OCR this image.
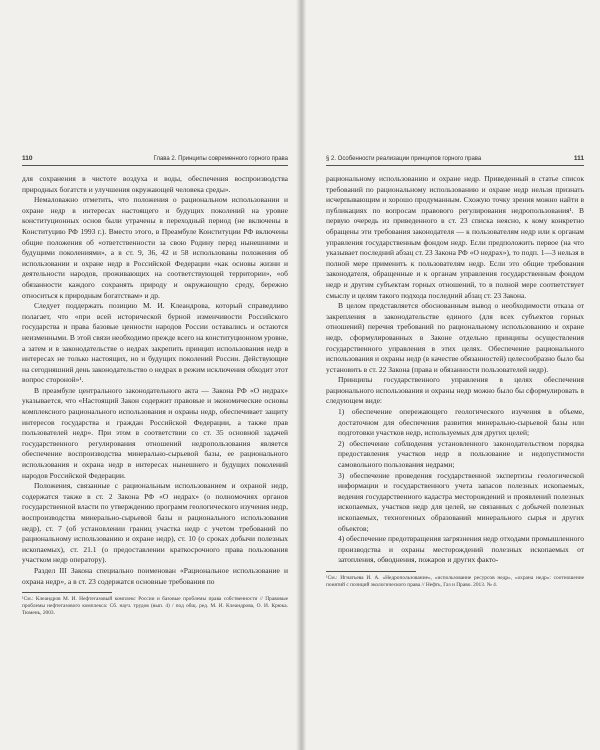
110	Глава 2. Принципы современного горного права

для сохранения в чистоте воздуха и воды, обеспечения воспроизводства природных богатств и улучшения окружающей человека среды».

Немаловажно отметить, что положения о рациональном использовании и охране недр в интересах настоящего и будущих поколений на уровне конституционных основ были утрачены в переходный период (не включены в Конституцию РФ 1993 г.). Вместо этого, в Преамбуле Конституции РФ включены общие положения об «ответственности за свою Родину перед нынешними и будущими поколениями», а в ст. 9, 36, 42 и 58 использованы положения об использовании и охране недр в Российской Федерации «как основы жизни и деятельности народов, проживающих на соответствующей территории», «об обязанности каждого сохранять природу и окружающую среду, бережно относиться к природным богатствам» и др.

Следует поддержать позицию М. И. Клеандрова, который справедливо полагает, что «при всей исторической бурной изменчивости Российского государства и права базовые ценности народов России оставались и остаются неизменными. В этой связи необходимо прежде всего на конституционном уровне, а затем и в законодательстве о недрах закрепить принцип использования недр в интересах не только настоящих, но и будущих поколений России. Действующие на сегодняшний день законодательство о недрах в режим исключения обходит этот вопрос стороной»¹.

В преамбуле центрального законодательного акта — Закона РФ «О недрах» указывается, что «Настоящий Закон содержит правовые и экономические основы комплексного рационального использования и охраны недр, обеспечивает защиту интересов государства и граждан Российской Федерации, а также прав пользователей недр». При этом в соответствии со ст. 35 основной задачей государственного регулирования отношений недропользования является обеспечение воспроизводства минерально-сырьевой базы, ее рационального использования и охрана недр в интересах нынешнего и будущих поколений народов Российской Федерации.

Положения, связанные с рациональным использованием и охраной недр, содержатся также в ст. 2 Закона РФ «О недрах» (о полномочиях органов государственной власти по утверждению программ геологического изучения недр, воспроизводства минерально-сырьевой базы и рационального использования недр), ст. 7 (об установлении границ участка недр с учетом требований по рациональному использованию и охране недр), ст. 10 (о сроках добычи полезных ископаемых), ст. 21.1 (о предоставлении краткосрочного права пользования участком недр оператору).

Раздел III Закона специально поименован «Рациональное использование и охрана недр», а в ст. 23 содержатся основные требования по

¹См.: Клеандров М. И. Нефтегазовый комплекс России и базовые проблемы права собственности // Правовые проблемы нефтегазового комплекса: Сб. науч. трудов (вып. 4) / под общ. ред. М. И. Клеандрова, О. И. Крюка. Тюмень, 2003.
§ 2. Особенности реализации принципов горного права	111

рациональному использованию и охране недр. Приведенный в статье список требований по рациональному использованию и охране недр нельзя признать исчерпывающим и хорошо продуманным. Схожую точку зрения можно найти в публикациях по вопросам правового регулирования недропользования¹. В первую очередь из приведенного в ст. 23 списка неясно, к кому конкретно обращены эти требования законодателя — к пользователям недр или к органам управления государственным фондом недр. Если предположить первое (на что указывает последний абзац ст. 23 Закона РФ «О недрах»), то подп. 1—3 нельзя в полной мере применить к пользователям недр. Если это общие требования законодателя, обращенные и к органам управления государственным фондом недр и другим субъектам горных отношений, то в полной мере соответствует смыслу и целям такого подхода последний абзац ст. 23 Закона.

В целом представляется обоснованным вывод о необходимости отказа от закрепления в законодательстве единого (для всех субъектов горных отношений) перечня требований по рациональному использованию и охране недр, сформулированных в Законе отдельно принципы осуществления государственного управления в этих целях. Обеспечение рационального использования и охраны недр (в качестве обязанностей) целесообразно было бы установить в ст. 22 Закона (права и обязанности пользователей недр).

Принципы государственного управления в целях обеспечения рационального использования и охраны недр можно было бы сформулировать в следующем виде:

1) обеспечение опережающего геологического изучения в объеме, достаточном для обеспечения развития минерально-сырьевой базы или подготовки участков недр, используемых для других целей;

2) обеспечение соблюдения установленного законодательством порядка предоставления участков недр в пользование и недопустимости самовольного пользования недрами;

3) обеспечение проведения государственной экспертизы геологической информации и государственного учета запасов полезных ископаемых, ведения государственного кадастра месторождений и проявлений полезных ископаемых, участков недр для целей, не связанных с добычей полезных ископаемых, техногенных образований минерального сырья и других объектов;

4) обеспечение предотвращения загрязнения недр отходами промышленного производства и охраны месторождений полезных ископаемых от затопления, обводнения, пожаров и других факто-

¹См.: Игнатьева И. А. «Недропользование», «использование ресурсов недр», «охрана недр»: соотношение понятий с позиций экологического права // Нефть, Газ и Право. 2013. № 4.
